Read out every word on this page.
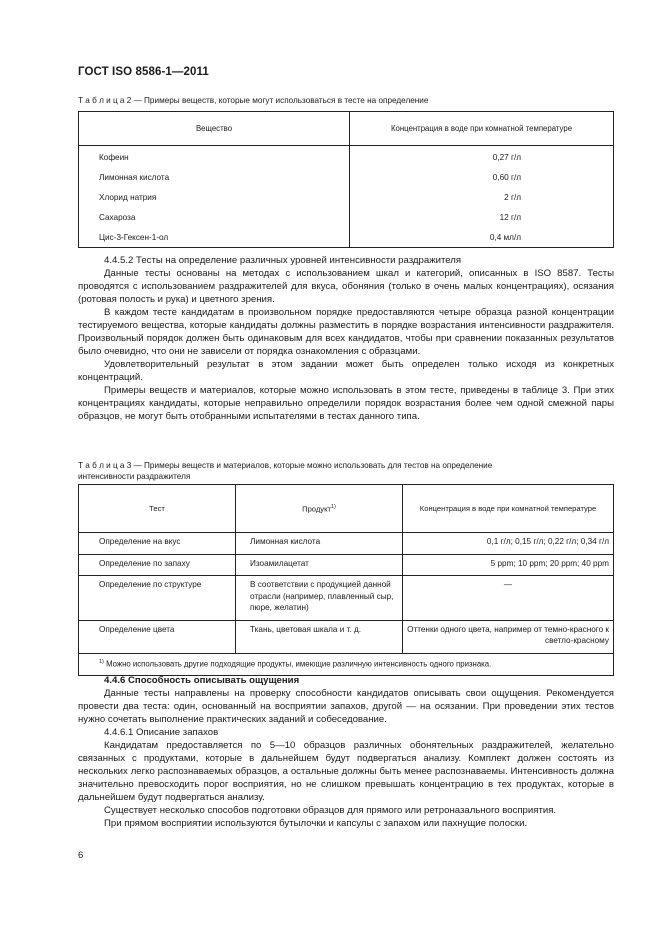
ГОСТ ISO 8586-1—2011
Т а б л и ц а 2 — Примеры веществ, которые могут использоваться в тесте на определение
Вещество	Концентрация в воде при комнатной температуре
Кофеин	0,27 г/л
Лимонная кислота	0,60 г/л
Хлорид натрия	2 г/л
Сахароза	12 г/л
Цис-3-Гексен-1-ол	0,4 мл/л

4.4.5.2 Тесты на определение различных уровней интенсивности раздражителя

Данные тесты основаны на методах с использованием шкал и категорий, описанных в ISO 8587. Тесты проводятся с использованием раздражителей для вкуса, обоняния (только в очень малых концентрациях), осязания (ротовая полость и рука) и цветного зрения.

В каждом тесте кандидатам в произвольном порядке предоставляются четыре образца разной концентрации тестируемого вещества, которые кандидаты должны разместить в порядке возрастания интенсивности раздражителя. Произвольный порядок должен быть одинаковым для всех кандидатов, чтобы при сравнении показанных результатов было очевидно, что они не зависели от порядка ознакомления с образцами.

Удовлетворительный результат в этом задании может быть определен только исходя из конкретных концентраций.

Примеры веществ и материалов, которые можно использовать в этом тесте, приведены в таблице 3. При этих концентрациях кандидаты, которые неправильно определили порядок возрастания более чем одной смежной пары образцов, не могут быть отобранными испытателями в тестах данного типа.

Т а б л и ц а 3 — Примеры веществ и материалов, которые можно использовать для тестов на определение
интенсивности раздражителя
Тест	Продукт$^{1)}$	Концентрация в воде при комнатной температуре
Определение на вкус	Лимонная кислота	0,1 г/л; 0,15 г/л; 0,22 г/л; 0,34 г/л
Определение по запаху	Изоамилацетат	5 ppm; 10 ppm; 20 ppm; 40 ppm
Определение по структуре	В соответствии с продукцией данной отрасли (например, плавленный сыр, пюре, желатин)	—
Определение цвета	Ткань, цветовая шкала и т. д.	Оттенки одного цвета, например от темно-красного к светло-красному
$^{1)}$ Можно использовать другие подходящие продукты, имеющие различную интенсивность одного признака.		

4.4.6 Способность описывать ощущения

Данные тесты направлены на проверку способности кандидатов описывать свои ощущения. Рекомендуется провести два теста: один, основанный на восприятии запахов, другой — на осязании. При проведении этих тестов нужно сочетать выполнение практических заданий и собеседование.

4.4.6.1 Описание запахов

Кандидатам предоставляется по 5—10 образцов различных обонятельных раздражителей, желательно связанных с продуктами, которые в дальнейшем будут подвергаться анализу. Комплект должен состоять из нескольких легко распознаваемых образцов, а остальные должны быть менее распознаваемы. Интенсивность должна значительно превосходить порог восприятия, но не слишком превышать концентрацию в тех продуктах, которые в дальнейшем будут подвергаться анализу.

Существует несколько способов подготовки образцов для прямого или ретроназального восприятия.

При прямом восприятии используются бутылочки и капсулы с запахом или пахнущие полоски.

6
